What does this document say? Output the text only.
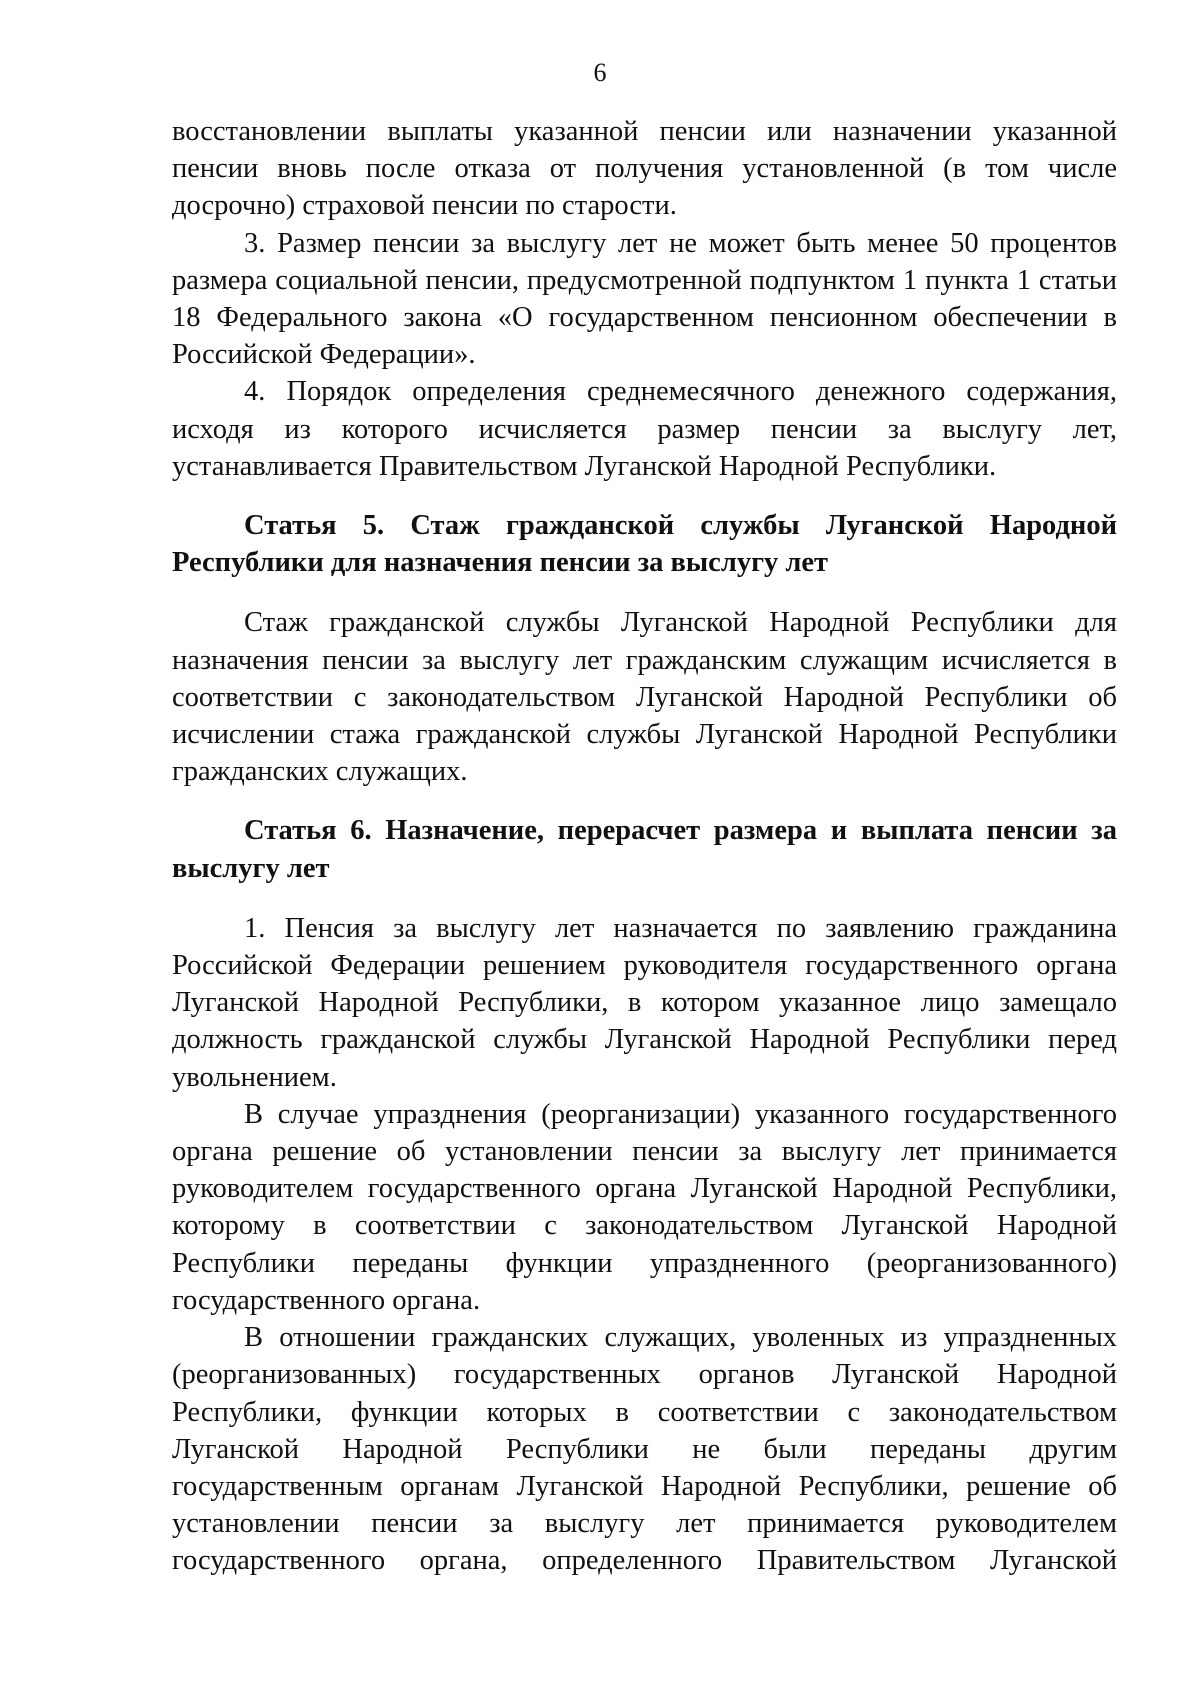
6

восстановлении выплаты указанной пенсии или назначении указанной пенсии вновь после отказа от получения установленной (в том числе досрочно) страховой пенсии по старости.

3. Размер пенсии за выслугу лет не может быть менее 50 процентов размера социальной пенсии, предусмотренной подпунктом 1 пункта 1 статьи 18 Федерального закона «О государственном пенсионном обеспечении в Российской Федерации».

4. Порядок определения среднемесячного денежного содержания, исходя из которого исчисляется размер пенсии за выслугу лет, устанавливается Правительством Луганской Народной Республики.

Статья 5. Стаж гражданской службы Луганской Народной Республики для назначения пенсии за выслугу лет

Стаж гражданской службы Луганской Народной Республики для назначения пенсии за выслугу лет гражданским служащим исчисляется в соответствии с законодательством Луганской Народной Республики об исчислении стажа гражданской службы Луганской Народной Республики гражданских служащих.

Статья 6. Назначение, перерасчет размера и выплата пенсии за выслугу лет

1. Пенсия за выслугу лет назначается по заявлению гражданина Российской Федерации решением руководителя государственного органа Луганской Народной Республики, в котором указанное лицо замещало должность гражданской службы Луганской Народной Республики перед увольнением.

В случае упразднения (реорганизации) указанного государственного органа решение об установлении пенсии за выслугу лет принимается руководителем государственного органа Луганской Народной Республики, которому в соответствии с законодательством Луганской Народной Республики переданы функции упраздненного (реорганизованного) государственного органа.

В отношении гражданских служащих, уволенных из упраздненных (реорганизованных) государственных органов Луганской Народной Республики, функции которых в соответствии с законодательством Луганской Народной Республики не были переданы другим государственным органам Луганской Народной Республики, решение об установлении пенсии за выслугу лет принимается руководителем государственного органа, определенного Правительством Луганской
